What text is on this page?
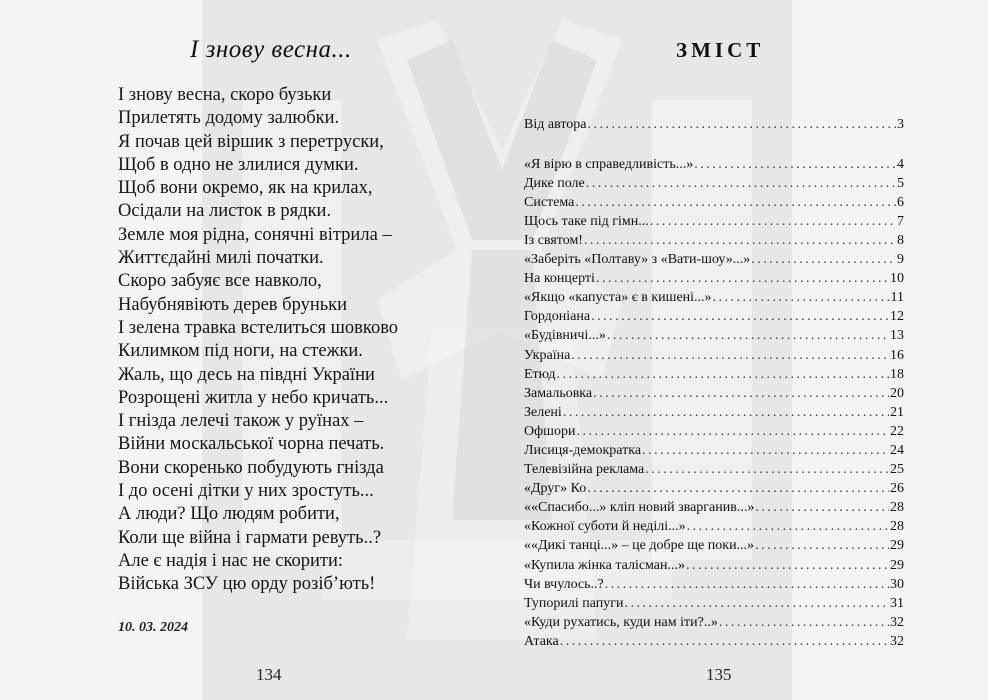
І знову весна...
І знову весна, скоро бузьки
Прилетять додому залюбки.
Я почав цей віршик з перетруски,
Щоб в одно не злилися думки.
Щоб вони окремо, як на крилах,
Осідали на листок в рядки.
Земле моя рідна, сонячні вітрила –
Життєдайні милі початки.
Скоро забуяє все навколо,
Набубнявіють дерев бруньки
І зелена травка встелиться шовково
Килимком під ноги, на стежки.
Жаль, що десь на півдні України
Розрощені житла у небо кричать...
І гнізда лелечі також у руїнах –
Війни москальської чорна печать.
Вони скоренько побудують гнізда
І до осені дітки у них зростуть...
А люди? Що людям робити,
Коли ще війна і гармати ревуть..?
Але є надія і нас не скорити:
Війська ЗСУ цю орду розіб’ють!
10. 03. 2024
134
ЗМІСТ
Від автора . . .	3
«Я вірю в справедливість...» . . .	4
Дике поле . . .	5
Система . . .	6
Щось таке під гімн... . . .	7
Із святом! . . .	8
«Заберіть «Полтаву» з «Вати-шоу»...» . . .	9
На концерті . . .	10
«Якщо «капуста» є в кишені...» . . .	11
Гордоніана . . .	12
«Будівничі...» . . .	13
Україна . . .	16
Етюд . . .	18
Замальовка . . .	20
Зелені . . .	21
Офшори . . .	22
Лисиця-демократка . . .	24
Телевізійна реклама . . .	25
«Друг» Ко . . .	26
««Спасибо...» кліп новий зварганив...» . . .	28
«Кожної суботи й неділі...» . . .	28
««Дикі танці...» – це добре ще поки...» . . .	29
«Купила жінка талісман...» . . .	29
Чи вчулось..? . . .	30
Тупорилі папуги . . .	31
«Куди рухатись, куди нам іти?..» . . .	32
Атака . . .	32
135
